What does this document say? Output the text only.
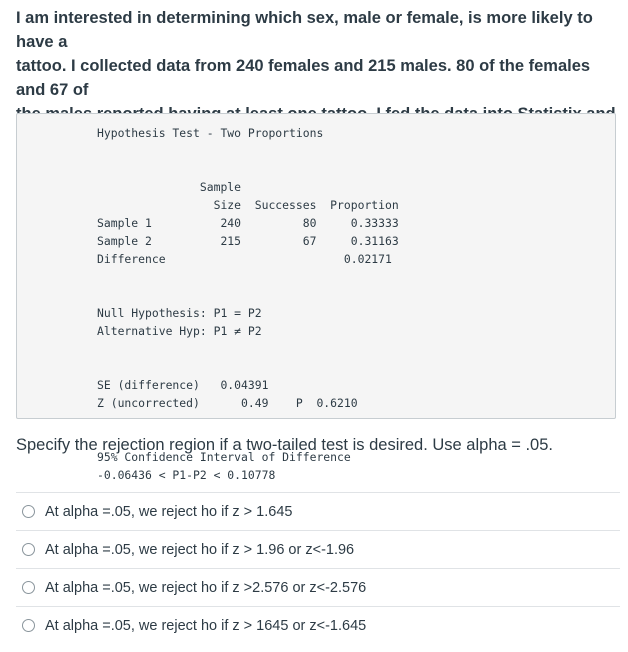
I am interested in determining which sex, male or female, is more likely to have a
tattoo. I collected data from 240 females and 215 males. 80 of the females and 67 of
Hypothesis Test - Two Proportions

Sample
Size  Successes  Proportion
Sample 1          240         80     0.33333
Sample 2          215         67     0.31163
Difference                          0.02171

Null Hypothesis: P1 = P2
Alternative Hyp: P1 ≠ P2

SE (difference)   0.04391
Z (uncorrected)      0.49    P  0.6210

95% Confidence Interval of Difference
-0.06436 < P1-P2 < 0.10778
Specify the rejection region if a two-tailed test is desired. Use alpha = .05.
At alpha =.05, we reject ho if z > 1.645
At alpha =.05, we reject ho if z > 1.96 or z<-1.96
At alpha =.05, we reject ho if z >2.576 or z<-2.576
At alpha =.05, we reject ho if z > 1645 or z<-1.645
